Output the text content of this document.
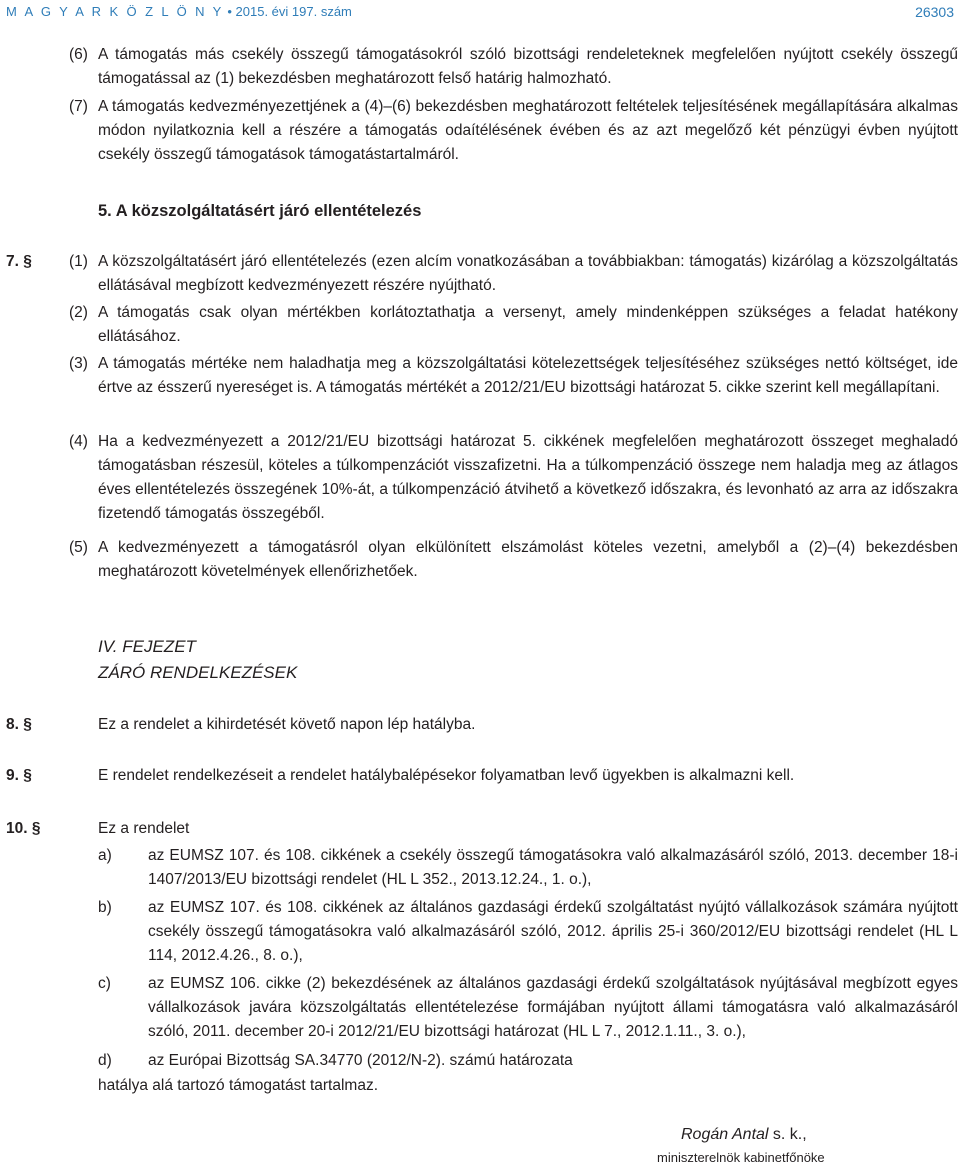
M A G Y A R K Ö Z L Ö N Y • 2015. évi 197. szám	26303
(6) A támogatás más csekély összegű támogatásokról szóló bizottsági rendeleteknek megfelelően nyújtott csekély összegű támogatással az (1) bekezdésben meghatározott felső határig halmozható.
(7) A támogatás kedvezményezettjének a (4)–(6) bekezdésben meghatározott feltételek teljesítésének megállapítására alkalmas módon nyilatkoznia kell a részére a támogatás odaítélésének évében és az azt megelőző két pénzügyi évben nyújtott csekély összegű támogatások támogatástartalmáról.
5. A közszolgáltatásért járó ellentételezés
7. § (1) A közszolgáltatásért járó ellentételezés (ezen alcím vonatkozásában a továbbiakban: támogatás) kizárólag a közszolgáltatás ellátásával megbízott kedvezményezett részére nyújtható.
(2) A támogatás csak olyan mértékben korlátoztathatja a versenyt, amely mindenképpen szükséges a feladat hatékony ellátásához.
(3) A támogatás mértéke nem haladhatja meg a közszolgáltatási kötelezettségek teljesítéséhez szükséges nettó költséget, ide értve az ésszerű nyereséget is. A támogatás mértékét a 2012/21/EU bizottsági határozat 5. cikke szerint kell megállapítani.
(4) Ha a kedvezményezett a 2012/21/EU bizottsági határozat 5. cikkének megfelelően meghatározott összeget meghaladó támogatásban részesül, köteles a túlkompenzációt visszafizetni. Ha a túlkompenzáció összege nem haladja meg az átlagos éves ellentételezés összegének 10%-át, a túlkompenzáció átvihető a következő időszakra, és levonható az arra az időszakra fizetendő támogatás összegéből.
(5) A kedvezményezett a támogatásról olyan elkülönített elszámolást köteles vezetni, amelyből a (2)–(4) bekezdésben meghatározott követelmények ellenőrizhetőek.
IV. FEJEZET
ZÁRÓ RENDELKEZÉSEK
8. §	Ez a rendelet a kihirdetését követő napon lép hatályba.
9. §	E rendelet rendelkezéseit a rendelet hatálybalépésekor folyamatban levő ügyekben is alkalmazni kell.
10. §	Ez a rendelet
a) az EUMSZ 107. és 108. cikkének a csekély összegű támogatásokra való alkalmazásáról szóló, 2013. december 18-i 1407/2013/EU bizottsági rendelet (HL L 352., 2013.12.24., 1. o.),
b) az EUMSZ 107. és 108. cikkének az általános gazdasági érdekű szolgáltatást nyújtó vállalkozások számára nyújtott csekély összegű támogatásokra való alkalmazásáról szóló, 2012. április 25-i 360/2012/EU bizottsági rendelet (HL L 114, 2012.4.26., 8. o.),
c) az EUMSZ 106. cikke (2) bekezdésének az általános gazdasági érdekű szolgáltatások nyújtásával megbízott egyes vállalkozások javára közszolgáltatás ellentételezése formájában nyújtott állami támogatásra való alkalmazásáról szóló, 2011. december 20-i 2012/21/EU bizottsági határozat (HL L 7., 2012.1.11., 3. o.),
d) az Európai Bizottság SA.34770 (2012/N-2). számú határozata
hatálya alá tartozó támogatást tartalmaz.
Rogán Antal s. k.,
miniszterelnök kabinetfőnöke
